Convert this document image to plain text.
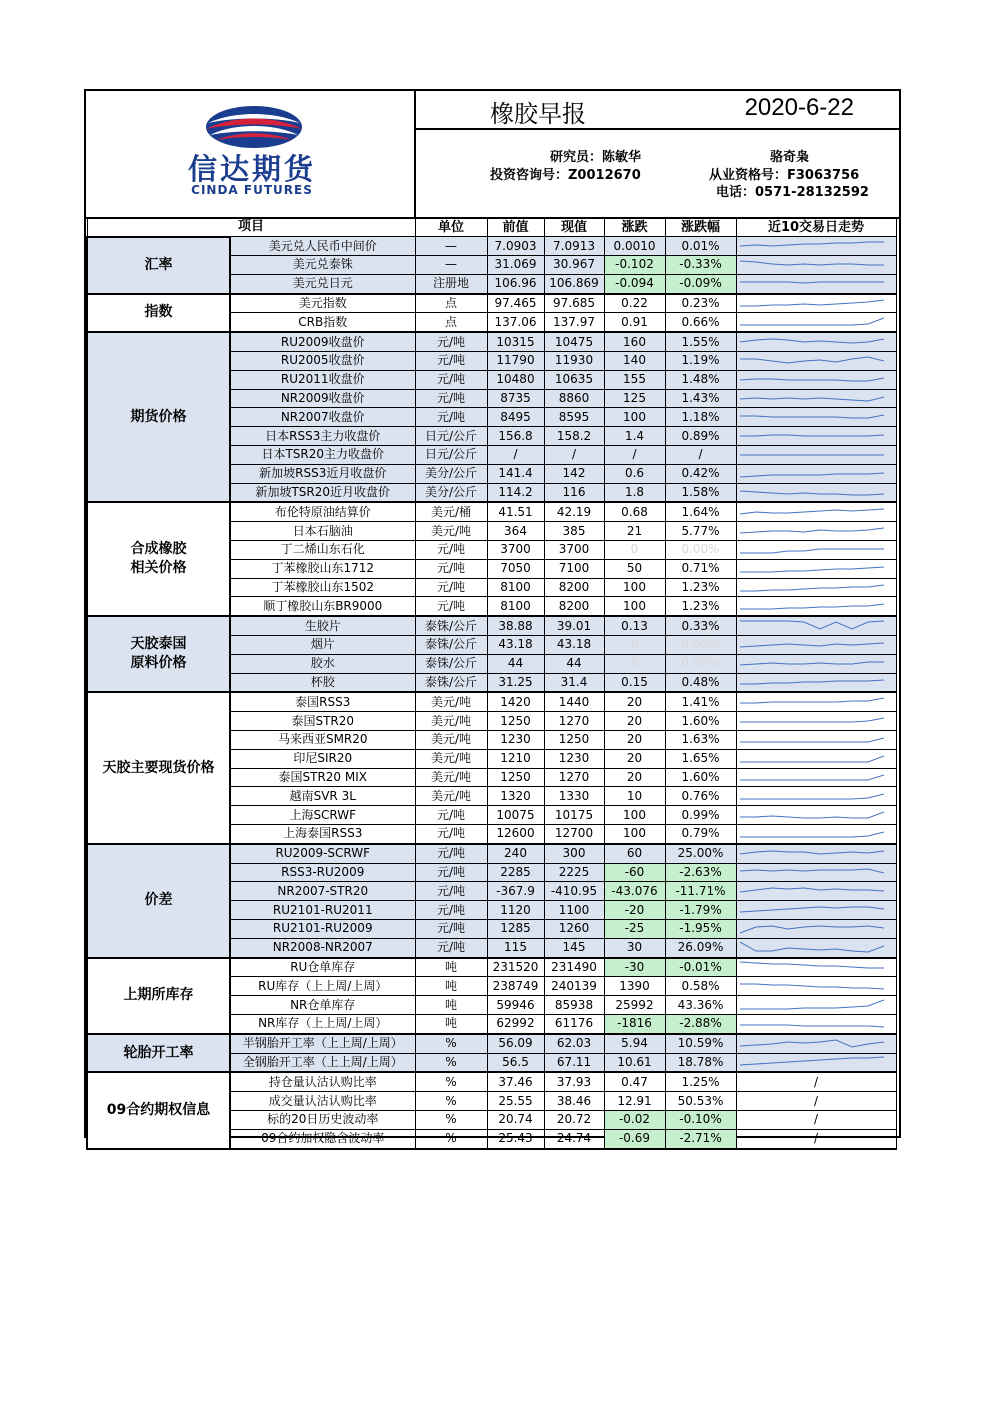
信达期货
CINDA FUTURES
橡胶早报	2020-6-22
研究员：陈敏华	骆奇枭
投资咨询号：Z0012670	从业资格号：F3063756
电话：0571-28132592
项目		单位	前值	现值	涨跌	涨跌幅	近10交易日走势

汇率	美元兑人民币中间价	—	7.0903	7.0913	0.0010	0.01%	

	美元兑泰铢	—	31.069	30.967	-0.102	-0.33%	

	美元兑日元	注册地	106.96	106.869	-0.094	-0.09%	

指数	美元指数	点	97.465	97.685	0.22	0.23%	

	CRB指数	点	137.06	137.97	0.91	0.66%	

期货价格	RU2009收盘价	元/吨	10315	10475	160	1.55%	

	RU2005收盘价	元/吨	11790	11930	140	1.19%	

	RU2011收盘价	元/吨	10480	10635	155	1.48%	

	NR2009收盘价	元/吨	8735	8860	125	1.43%	

	NR2007收盘价	元/吨	8495	8595	100	1.18%	

	日本RSS3主力收盘价	日元/公斤	156.8	158.2	1.4	0.89%	

	日本TSR20主力收盘价	日元/公斤	/	/	/	/	

	新加坡RSS3近月收盘价	美分/公斤	141.4	142	0.6	0.42%	

	新加坡TSR20近月收盘价	美分/公斤	114.2	116	1.8	1.58%	

合成橡胶
相关价格	布伦特原油结算价	美元/桶	41.51	42.19	0.68	1.64%	

	日本石脑油	美元/吨	364	385	21	5.77%	

	丁二烯山东石化	元/吨	3700	3700	0	0.00%	

	丁苯橡胶山东1712	元/吨	7050	7100	50	0.71%	

	丁苯橡胶山东1502	元/吨	8100	8200	100	1.23%	

	顺丁橡胶山东BR9000	元/吨	8100	8200	100	1.23%	

天胶泰国
原料价格	生胶片	泰铢/公斤	38.88	39.01	0.13	0.33%	

	烟片	泰铢/公斤	43.18	43.18	0	0.00%	

	胶水	泰铢/公斤	44	44	0	0.00%	

	杯胶	泰铢/公斤	31.25	31.4	0.15	0.48%	

天胶主要现货价格	泰国RSS3	美元/吨	1420	1440	20	1.41%	

	泰国STR20	美元/吨	1250	1270	20	1.60%	

	马来西亚SMR20	美元/吨	1230	1250	20	1.63%	

	印尼SIR20	美元/吨	1210	1230	20	1.65%	

	泰国STR20 MIX	美元/吨	1250	1270	20	1.60%	

	越南SVR 3L	美元/吨	1320	1330	10	0.76%	

	上海SCRWF	元/吨	10075	10175	100	0.99%	

	上海泰国RSS3	元/吨	12600	12700	100	0.79%	

价差	RU2009-SCRWF	元/吨	240	300	60	25.00%	

	RSS3-RU2009	元/吨	2285	2225	-60	-2.63%	

	NR2007-STR20	元/吨	-367.9	-410.95	-43.076	-11.71%	

	RU2101-RU2011	元/吨	1120	1100	-20	-1.79%	

	RU2101-RU2009	元/吨	1285	1260	-25	-1.95%	

	NR2008-NR2007	元/吨	115	145	30	26.09%	

上期所库存	RU仓单库存	吨	231520	231490	-30	-0.01%	

	RU库存（上上周/上周）	吨	238749	240139	1390	0.58%	

	NR仓单库存	吨	59946	85938	25992	43.36%	

	NR库存（上上周/上周）	吨	62992	61176	-1816	-2.88%	

轮胎开工率	半钢胎开工率（上上周/上周）	%	56.09	62.03	5.94	10.59%	

	全钢胎开工率（上上周/上周）	%	56.5	67.11	10.61	18.78%	

09合约期权信息	持仓量认沽认购比率	%	37.46	37.93	0.47	1.25%	/
	成交量认沽认购比率	%	25.55	38.46	12.91	50.53%	/
	标的20日历史波动率	%	20.74	20.72	-0.02	-0.10%	/
	09合约加权隐含波动率	%	25.43	24.74	-0.69	-2.71%	/
